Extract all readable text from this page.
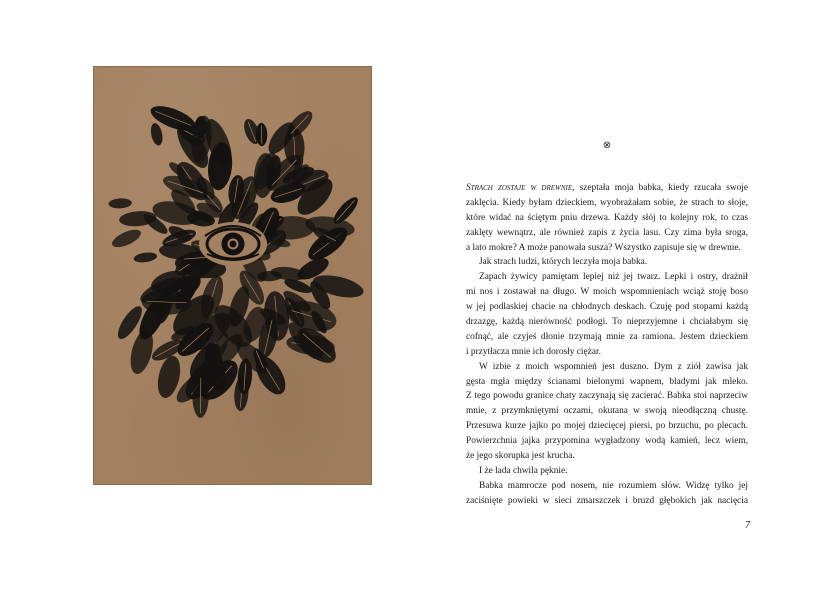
⊗
Strach zostaje w drewnie, szeptała moja babka, kiedy rzucała swoje
zaklęcia. Kiedy byłam dzieckiem, wyobrażałam sobie, że strach to słoje,
które widać na ściętym pniu drzewa. Każdy słój to kolejny rok, to czas
zaklęty wewnątrz, ale również zapis z życia lasu. Czy zima była sroga,
a lato mokre? A może panowała susza? Wszystko zapisuje się w drewnie.
Jak strach ludzi, których leczyła moja babka.
Zapach żywicy pamiętam lepiej niż jej twarz. Lepki i ostry, drażnił
mi nos i zostawał na długo. W moich wspomnieniach wciąż stoję boso
w jej podlaskiej chacie na chłodnych deskach. Czuję pod stopami każdą
drzazgę, każdą nierówność podłogi. To nieprzyjemne i chciałabym się
cofnąć, ale czyjeś dłonie trzymają mnie za ramiona. Jestem dzieckiem
i przytłacza mnie ich dorosły ciężar.
W izbie z moich wspomnień jest duszno. Dym z ziół zawisa jak
gęsta mgła między ścianami bielonymi wapnem, bladymi jak mleko.
Z tego powodu granice chaty zaczynają się zacierać. Babka stoi naprzeciw
mnie, z przymkniętymi oczami, okutana w swoją nieodłączną chustę.
Przesuwa kurze jajko po mojej dziecięcej piersi, po brzuchu, po plecach.
Powierzchnia jajka przypomina wygładzony wodą kamień, lecz wiem,
że jego skorupka jest krucha.
I że lada chwila pęknie.
Babka mamrocze pod nosem, nie rozumiem słów. Widzę tylko jej
zaciśnięte powieki w sieci zmarszczek i bruzd głębokich jak nacięcia
7
